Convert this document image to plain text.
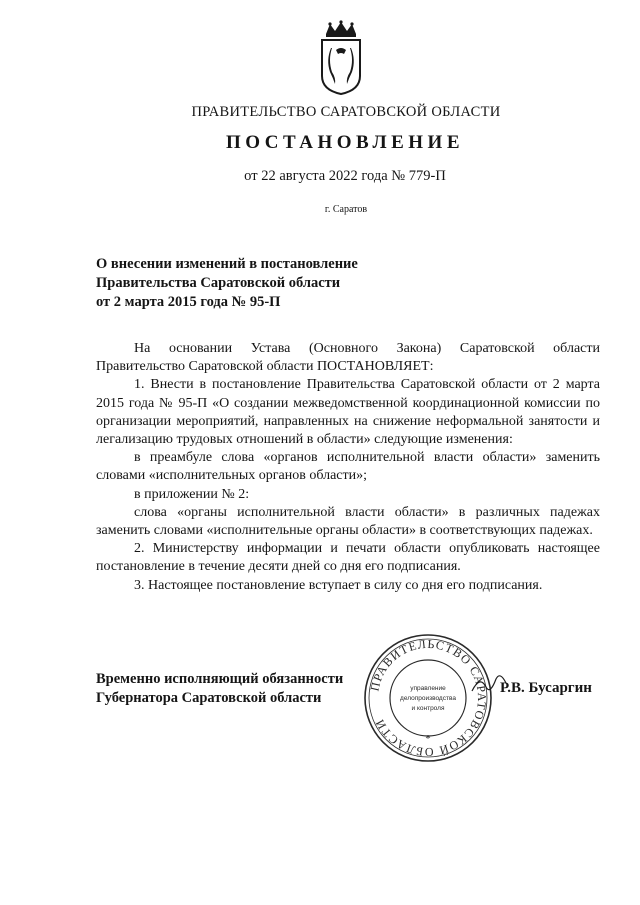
ПРАВИТЕЛЬСТВО САРАТОВСКОЙ ОБЛАСТИ
ПОСТАНОВЛЕНИЕ
от 22 августа 2022 года № 779-П
г. Саратов
О внесении изменений в постановление
Правительства Саратовской области
от 2 марта 2015 года № 95-П

На основании Устава (Основного Закона) Саратовской области Правительство Саратовской области ПОСТАНОВЛЯЕТ:

1. Внести в постановление Правительства Саратовской области от 2 марта 2015 года № 95-П «О создании межведомственной координационной комиссии по организации мероприятий, направленных на снижение неформальной занятости и легализацию трудовых отношений в области» следующие изменения:

в преамбуле слова «органов исполнительной власти области» заменить словами «исполнительных органов области»;

в приложении № 2:

слова «органы исполнительной власти области» в различных падежах заменить словами «исполнительные органы области» в соответствующих падежах.

2. Министерству информации и печати области опубликовать настоящее постановление в течение десяти дней со дня его подписания.

3. Настоящее постановление вступает в силу со дня его подписания.

Временно исполняющий обязанности
Губернатора Саратовской области
ПРАВИТЕЛЬСТВО САРАТОВСКОЙ ОБЛАСТИ
управление
делопроизводства
и контроля
*
Р.В. Бусаргин
